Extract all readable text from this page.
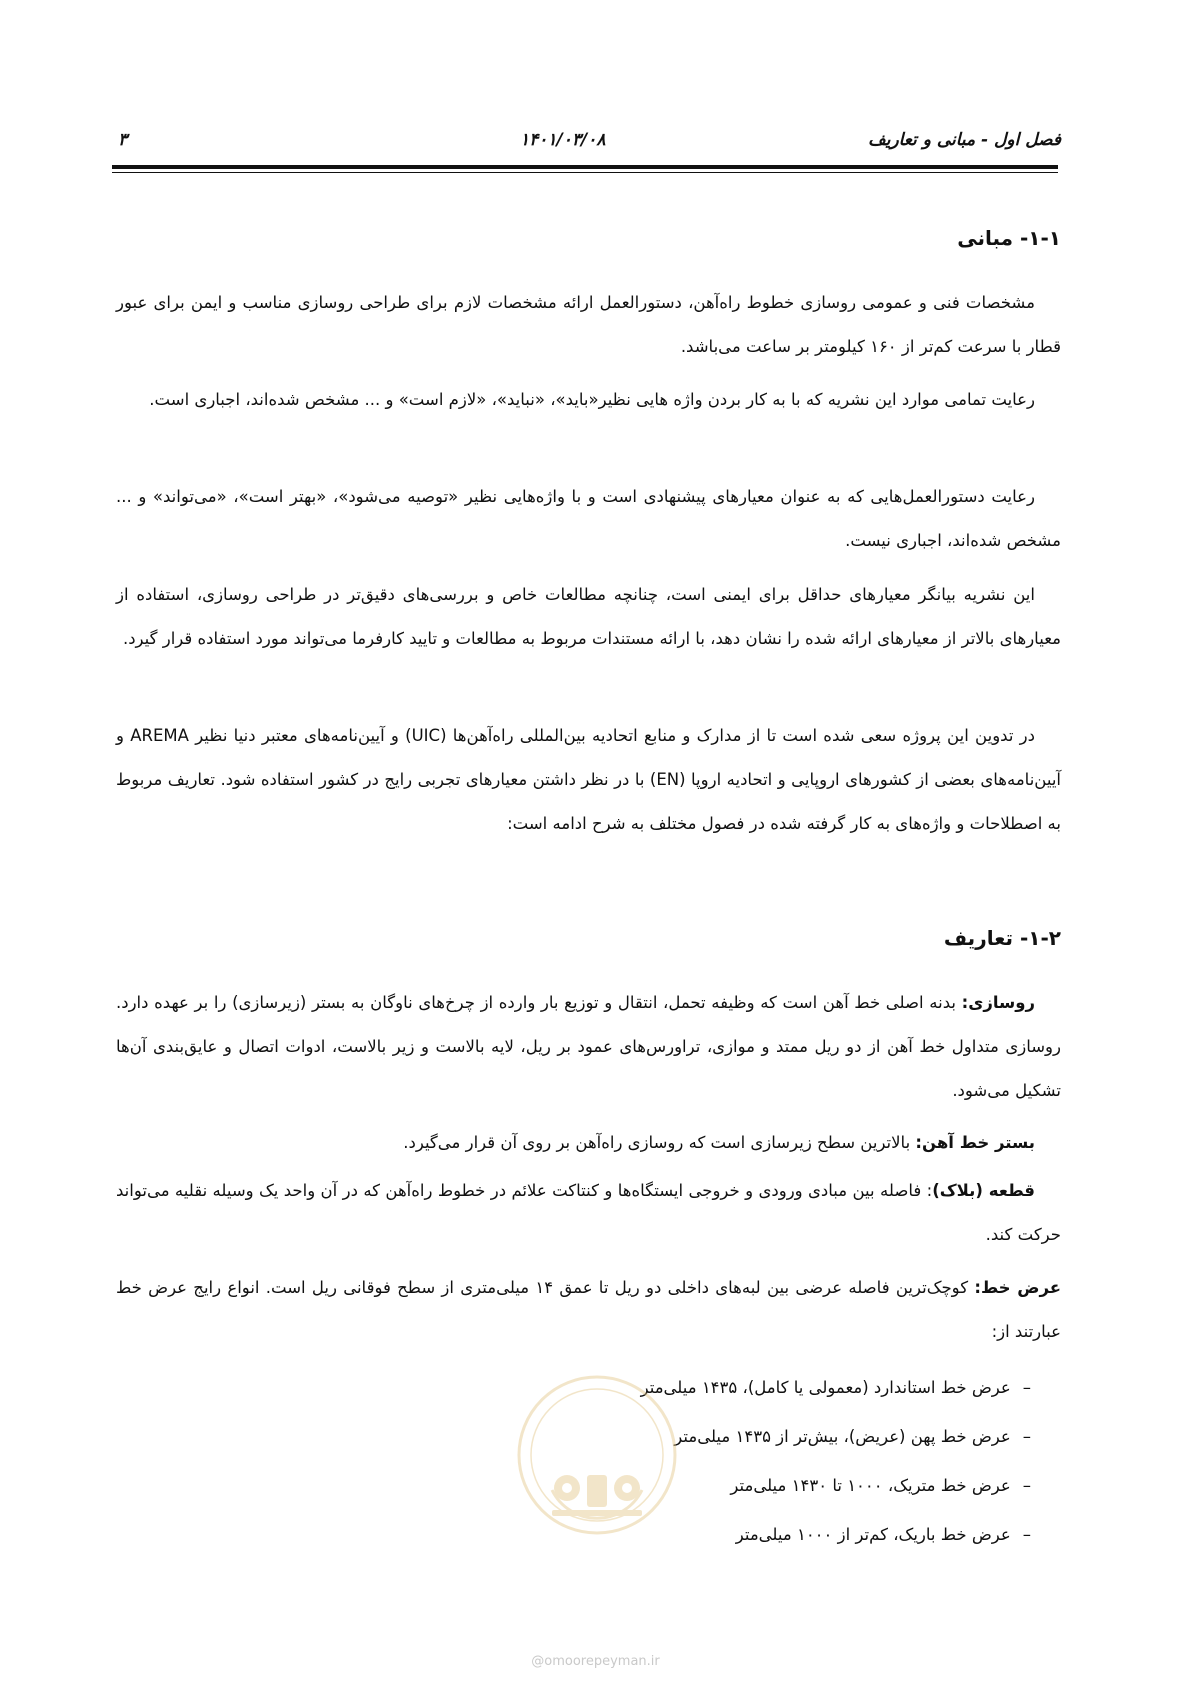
فصل اول - مبانی و تعاریف
۱۴۰۱/۰۳/۰۸
۳
۱-۱- مبانی

مشخصات فنی و عمومی روسازی خطوط راه‌آهن، دستورالعمل ارائه مشخصات لازم برای طراحی روسازی مناسب و ایمن برای عبور قطار با سرعت کم‌تر از ۱۶۰ کیلومتر بر ساعت می‌باشد.

رعایت تمامی موارد این نشریه که با به کار بردن واژه هایی نظیر«باید»، «نباید»، «لازم است» و ... مشخص شده‌اند، اجباری است.

رعایت دستورالعمل‌هایی که به عنوان معیارهای پیشنهادی است و با واژه‌هایی نظیر «توصیه می‌شود»، «بهتر است»، «می‌تواند» و ... مشخص شده‌اند، اجباری نیست.

این نشریه بیانگر معیارهای حداقل برای ایمنی است، چنانچه مطالعات خاص و بررسی‌های دقیق‌تر در طراحی روسازی، استفاده از معیارهای بالاتر از معیارهای ارائه شده را نشان دهد، با ارائه مستندات مربوط به مطالعات و تایید کارفرما می‌تواند مورد استفاده قرار گیرد.

در تدوین این پروژه سعی شده است تا از مدارک و منابع اتحادیه بین‌المللی راه‌آهن‌ها (UIC) و آیین‌نامه‌های معتبر دنیا نظیر AREMA و آیین‌نامه‌های بعضی از کشورهای اروپایی و اتحادیه اروپا (EN) با در نظر داشتن معیارهای تجربی رایج در کشور استفاده شود. تعاریف مربوط به اصطلاحات و واژه‌های به کار گرفته شده در فصول مختلف به شرح ادامه است:

۱-۲- تعاریف

روسازی: بدنه اصلی خط آهن است که وظیفه تحمل، انتقال و توزیع بار وارده از چرخ‌های ناوگان به بستر (زیرسازی) را بر عهده دارد. روسازی متداول خط آهن از دو ریل ممتد و موازی، تراورس‌های عمود بر ریل، لایه بالاست و زیر بالاست، ادوات اتصال و عایق‌بندی آن‌ها تشکیل می‌شود.

بستر خط آهن: بالاترین سطح زیرسازی است که روسازی راه‌آهن بر روی آن قرار می‌گیرد.

قطعه (بلاک): فاصله بین مبادی ورودی و خروجی ایستگاه‌ها و کنتاکت علائم در خطوط راه‌آهن که در آن واحد یک وسیله نقلیه می‌تواند حرکت کند.

عرض خط: کوچک‌ترین فاصله عرضی بین لبه‌های داخلی دو ریل تا عمق ۱۴ میلی‌متری از سطح فوقانی ریل است. انواع رایج عرض خط عبارتند از:

–عرض خط استاندارد (معمولی یا کامل)، ۱۴۳۵ میلی‌متر
–عرض خط پهن (عریض)، بیش‌تر از ۱۴۳۵ میلی‌متر
–عرض خط متریک، ۱۰۰۰ تا ۱۴۳۰ میلی‌متر
–عرض خط باریک، کم‌تر از ۱۰۰۰ میلی‌متر
@omoorepeyman.ir
